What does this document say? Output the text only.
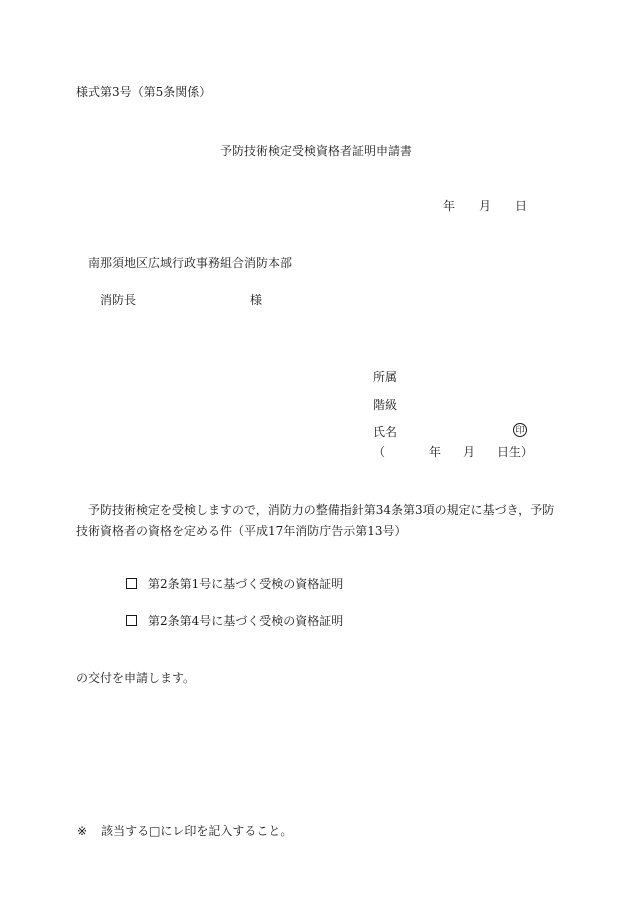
様式第3号（第5条関係）
予防技術検定受検資格者証明申請書
年 月 日
南那須地区広域行政事務組合消防本部
消防長	様
所属
階級
氏名	印
（	年 月 日生）
予防技術検定を受検しますので，消防力の整備指針第34条第3項の規定に基づき，予防技術資格者の資格を定める件（平成17年消防庁告示第13号）
第2条第1号に基づく受検の資格証明
第2条第4号に基づく受検の資格証明
の交付を申請します。
※ 該当する□にレ印を記入すること。
